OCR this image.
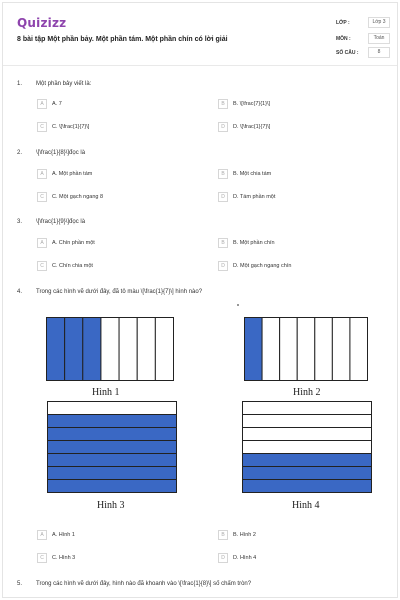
Quizizz
8 bài tập Một phần bảy. Một phần tám. Một phần chín có lời giải
LỚP :	Lớp 3
MÔN :	Toán
SỐ CÂU :	8
1. Một phần bảy viết là:
A	A. 7	B	B. \[\frac{7}{1}\]
C	C. \[\frac{1}{7}\]	D	D. \[\frac{1}{7}\]
2. \[\frac{1}{8}\]đọc là
A	A. Một phần tám	B	B. Một chia tám
C	C. Một gạch ngang 8	D	D. Tám phần một
3. \[\frac{1}{9}\]đọc là
A	A. Chín phần một	B	B. Một phần chín
C	C. Chín chia một	D	D. Một gạch ngang chín
4. Trong các hình vẽ dưới đây, đã tô màu \[\frac{1}{7}\] hình nào?
Hình 1	Hình 2
Hình 3	Hình 4
A	A. Hình 1	B	B. Hình 2
C	C. Hình 3	D	D. Hình 4
5. Trong các hình vẽ dưới đây, hình nào đã khoanh vào \[\frac{1}{8}\] số chấm tròn?
